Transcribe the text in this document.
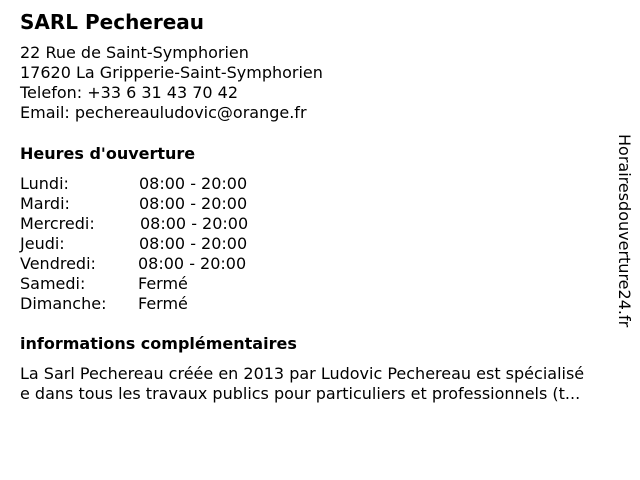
SARL Pechereau
22 Rue de Saint-Symphorien
17620 La Gripperie-Saint-Symphorien
Telefon: +33 6 31 43 70 42
Email: pechereauludovic@orange.fr
Heures d'ouverture
Lundi:	08:00 - 20:00
Mardi:	08:00 - 20:00
Mercredi:	08:00 - 20:00
Jeudi:	08:00 - 20:00
Vendredi:	08:00 - 20:00
Samedi:	Fermé
Dimanche: Fermé
informations complémentaires
La Sarl Pechereau créée en 2013 par Ludovic Pechereau est spécialisé
e dans tous les travaux publics pour particuliers et professionnels (t...
Horairesdouverture24.fr
